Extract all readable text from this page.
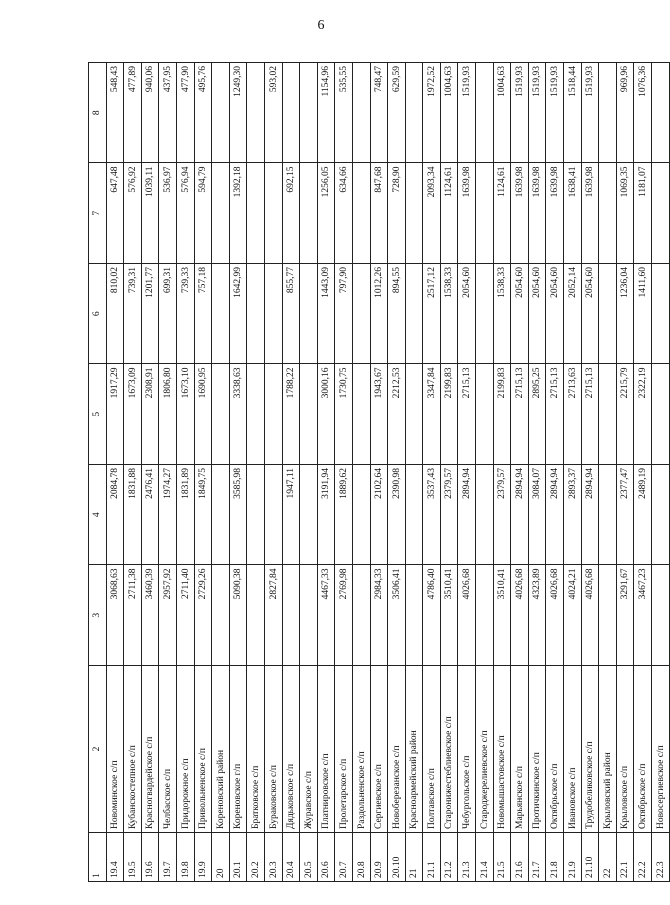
6
1	2	3	4	5	6	7	8
19.4	Новоминское с/п	3068,63	2084,78	1917,29	810,02	647,48	548,43
19.5	Кубанскостепное с/п	2711,38	1831,88	1673,09	739,31	576,92	477,89
19.6	Красногвардейское с/п	3460,39	2476,41	2308,91	1201,77	1039,11	940,06
19.7	Челбасское с/п	2957,92	1974,27	1806,80	699,31	536,97	437,95
19.8	Придорожное с/п	2711,40	1831,89	1673,10	739,33	576,94	477,90
19.9	Привольненское с/п	2729,26	1849,75	1690,95	757,18	594,79	495,76
20	Кореновский район						
20.1	Кореновское г/п	5090,38	3585,98	3338,63	1642,99	1392,18	1249,30
20.2	Братковское с/п						
20.3	Бураковское с/п	2827,84					593,02
20.4	Дядьковское с/п		1947,11	1788,22	855,77	692,15	
20.5	Журавское с/п						
20.6	Платнировское с/п	4467,33	3191,94	3000,16	1443,09	1256,05	1154,96
20.7	Пролетарское с/п	2769,98	1889,62	1730,75	797,90	634,66	535,55
20.8	Раздольненское с/п						
20.9	Сергиевское с/п	2984,33	2102,64	1943,67	1012,26	847,68	748,47
20.10	Новоберезанское с/п	3506,41	2390,98	2212,53	894,55	728,90	629,59
21	Красноармейский район						
21.1	Полтавское с/п	4786,40	3537,43	3347,84	2517,12	2093,34	1972,52
21.2	Старонижестеблиевское с/п	3510,41	2379,57	2199,83	1538,33	1124,61	1004,63
21.3	Чебургольское с/п	4026,68	2894,94	2715,13	2054,60	1639,98	1519,93
21.4	Староджерелиевское с/п						
21.5	Новомышастовское с/п	3510,41	2379,57	2199,83	1538,33	1124,61	1004,63
21.6	Марьянское с/п	4026,68	2894,94	2715,13	2054,60	1639,98	1519,93
21.7	Протичкинское с/п	4323,89	3084,07	2895,25	2054,60	1639,98	1519,93
21.8	Октябрьское с/п	4026,68	2894,94	2715,13	2054,60	1639,98	1519,93
21.9	Ивановское с/п	4024,21	2893,37	2713,63	2052,14	1638,41	1518,44
21.10	Трудобеликовское с/п	4026,68	2894,94	2715,13	2054,60	1639,98	1519,93
22	Крыловский район						
22.1	Крыловское с/п	3291,67	2377,47	2215,79	1236,04	1069,35	969,96
22.2	Октябрьское с/п	3467,23	2489,19	2322,19	1411,60	1181,07	1076,36
22.3	Новосергиевское с/п						
